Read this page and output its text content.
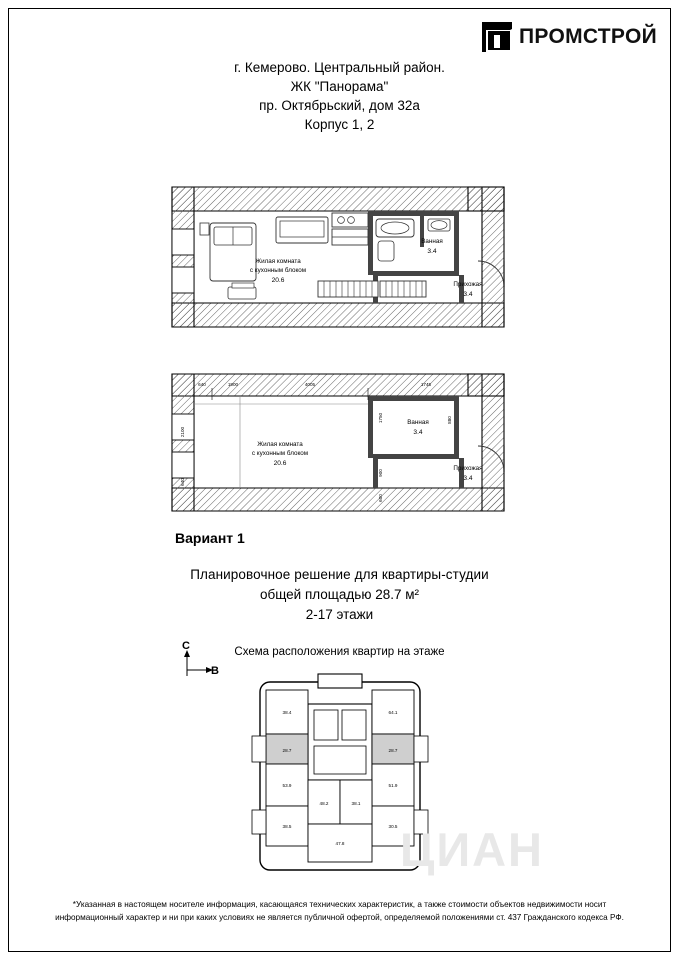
ПРОМСТРОЙ
г. Кемерово. Центральный район.
ЖК "Панорама"
пр. Октябрьский, дом 32а
Корпус 1, 2
Жилая комната
с кухонным блоком
20.6
Ванная
3.4
Прихожая
3.4
640	1900	4005	1745
2100
640
1750	880
900
600
Жилая комната
с кухонным блоком
20.6
Ванная
3.4
Прихожая
3.4
Вариант 1
Планировочное решение для квартиры-студии
общей площадью 28.7 м²
2-17 этажи
С
В
Схема расположения квартир на этаже
38.4	64.1
28.7	28.7
53.9	51.9
38.5	30.5
48.2	38.1
47.8 ЦИАН
*Указанная в настоящем носителе информация, касающаяся технических характеристик, а также стоимости объектов недвижимости носит
информационный характер и ни при каких условиях не является публичной офертой, определяемой положениями ст. 437 Гражданского кодекса РФ.
